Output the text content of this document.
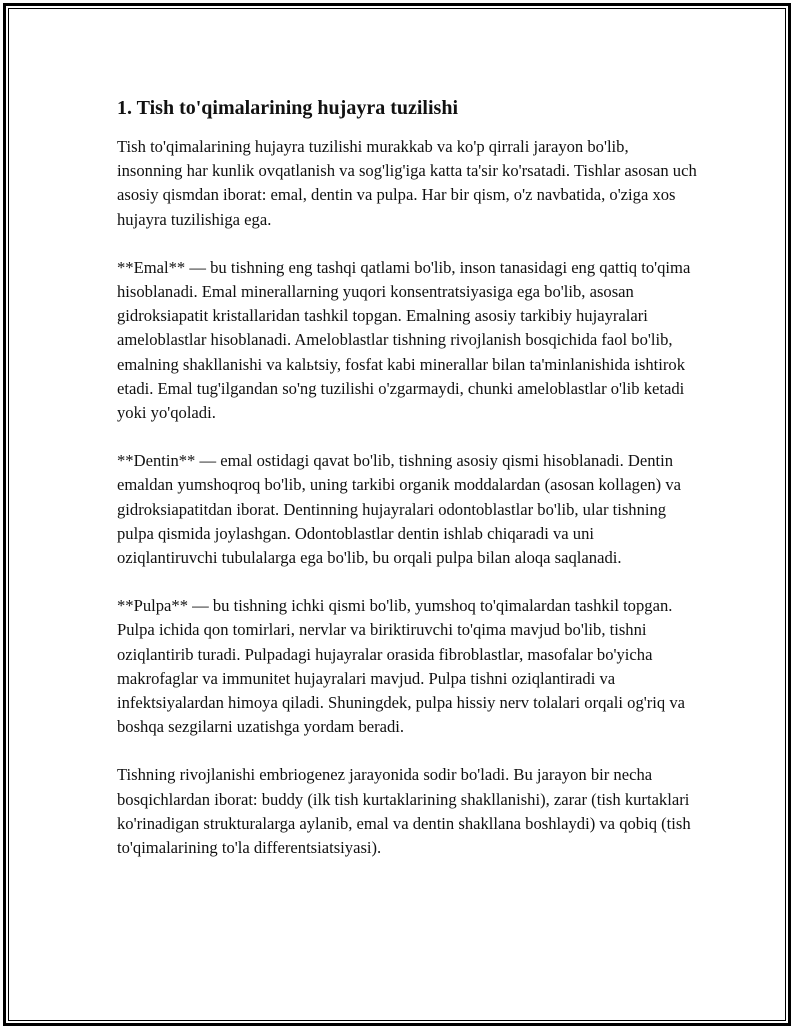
1. Tish to'qimalarining hujayra tuzilishi

Tish to'qimalarining hujayra tuzilishi murakkab va ko'p qirrali jarayon bo'lib, insonning har kunlik ovqatlanish va sog'lig'iga katta ta'sir ko'rsatadi. Tishlar asosan uch asosiy qismdan iborat: emal, dentin va pulpa. Har bir qism, o'z navbatida, o'ziga xos hujayra tuzilishiga ega.

**Emal** — bu tishning eng tashqi qatlami bo'lib, inson tanasidagi eng qattiq to'qima hisoblanadi. Emal minerallarning yuqori konsentratsiyasiga ega bo'lib, asosan gidroksiapatit kristallaridan tashkil topgan. Emalning asosiy tarkibiy hujayralari ameloblastlar hisoblanadi. Ameloblastlar tishning rivojlanish bosqichida faol bo'lib, emalning shakllanishi va kalьtsiy, fosfat kabi minerallar bilan ta'minlanishida ishtirok etadi. Emal tug'ilgandan so'ng tuzilishi o'zgarmaydi, chunki ameloblastlar o'lib ketadi yoki yo'qoladi.

**Dentin** — emal ostidagi qavat bo'lib, tishning asosiy qismi hisoblanadi. Dentin emaldan yumshoqroq bo'lib, uning tarkibi organik moddalardan (asosan kollagen) va gidroksiapatitdan iborat. Dentinning hujayralari odontoblastlar bo'lib, ular tishning pulpa qismida joylashgan. Odontoblastlar dentin ishlab chiqaradi va uni oziqlantiruvchi tubulalarga ega bo'lib, bu orqali pulpa bilan aloqa saqlanadi.

**Pulpa** — bu tishning ichki qismi bo'lib, yumshoq to'qimalardan tashkil topgan. Pulpa ichida qon tomirlari, nervlar va biriktiruvchi to'qima mavjud bo'lib, tishni oziqlantirib turadi. Pulpadagi hujayralar orasida fibroblastlar, masofalar bo'yicha makrofaglar va immunitet hujayralari mavjud. Pulpa tishni oziqlantiradi va infektsiyalardan himoya qiladi. Shuningdek, pulpa hissiy nerv tolalari orqali og'riq va boshqa sezgilarni uzatishga yordam beradi.

Tishning rivojlanishi embriogenez jarayonida sodir bo'ladi. Bu jarayon bir necha bosqichlardan iborat: buddy (ilk tish kurtaklarining shakllanishi), zarar (tish kurtaklari ko'rinadigan strukturalarga aylanib, emal va dentin shakllana boshlaydi) va qobiq (tish to'qimalarining to'la differentsiatsiyasi).
